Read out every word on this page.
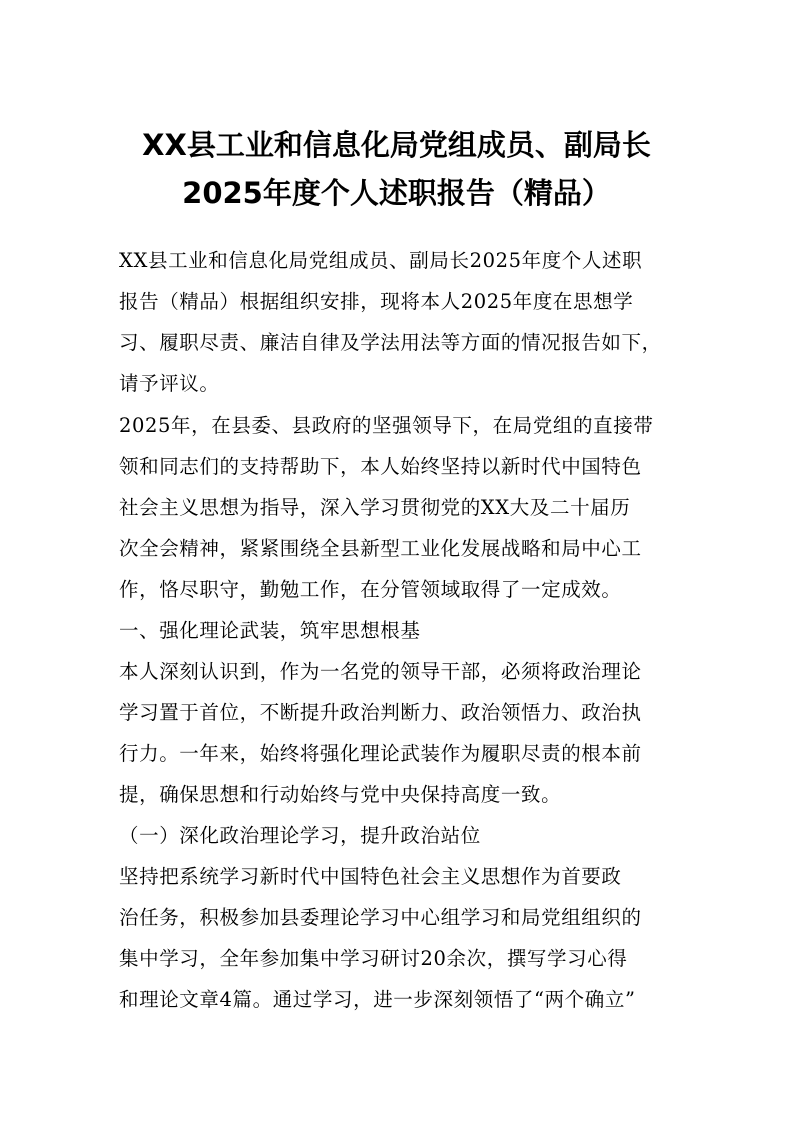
XX县工业和信息化局党组成员、副局长
2025年度个人述职报告（精品）
XX县工业和信息化局党组成员、副局长2025年度个人述职
报告（精品）根据组织安排，现将本人2025年度在思想学
习、履职尽责、廉洁自律及学法用法等方面的情况报告如下，
请予评议。
2025年，在县委、县政府的坚强领导下，在局党组的直接带
领和同志们的支持帮助下，本人始终坚持以新时代中国特色
社会主义思想为指导，深入学习贯彻党的XX大及二十届历
次全会精神，紧紧围绕全县新型工业化发展战略和局中心工
作，恪尽职守，勤勉工作，在分管领域取得了一定成效。
一、强化理论武装，筑牢思想根基
本人深刻认识到，作为一名党的领导干部，必须将政治理论
学习置于首位，不断提升政治判断力、政治领悟力、政治执
行力。一年来，始终将强化理论武装作为履职尽责的根本前
提，确保思想和行动始终与党中央保持高度一致。
（一）深化政治理论学习，提升政治站位
坚持把系统学习新时代中国特色社会主义思想作为首要政
治任务，积极参加县委理论学习中心组学习和局党组组织的
集中学习，全年参加集中学习研讨20余次，撰写学习心得
和理论文章4篇。通过学习，进一步深刻领悟了“两个确立”
